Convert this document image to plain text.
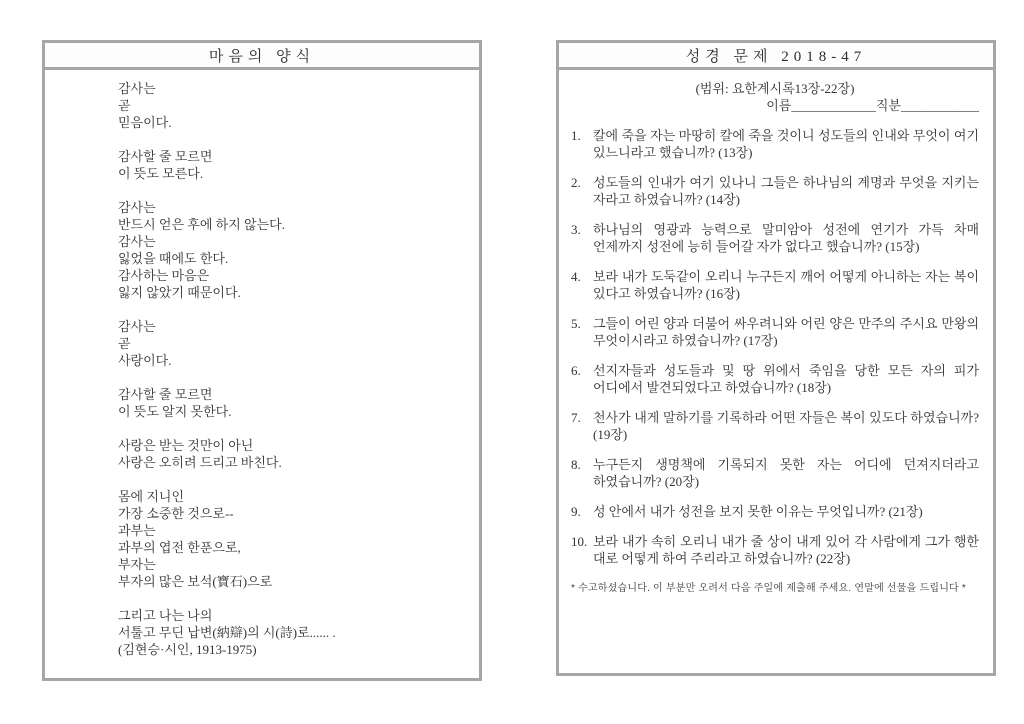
마음의 양식
감사는
곧
믿음이다.
감사할 줄 모르면
이 뜻도 모른다.
감사는
반드시 얻은 후에 하지 않는다.
감사는
잃었을 때에도 한다.
감사하는 마음은
잃지 않았기 때문이다.
감사는
곧
사랑이다.
감사할 줄 모르면
이 뜻도 알지 못한다.
사랑은 받는 것만이 아닌
사랑은 오히려 드리고 바친다.
몸에 지니인
가장 소중한 것으로--
과부는
과부의 엽전 한푼으로,
부자는
부자의 많은 보석(寶石)으로
그리고 나는 나의
서툴고 무딘 납변(納辯)의 시(詩)로...... .
(김현승·시인, 1913-1975)
성경 문제 2018-47
(범위: 요한계시록13장-22장)
이름_____________직분____________
1. 칼에 죽을 자는 마땅히 칼에 죽을 것이니 성도들의 인내와 무엇이 여기 있느니라고 했습니까? (13장)
2. 성도들의 인내가 여기 있나니 그들은 하나님의 계명과 무엇을 지키는 자라고 하였습니까? (14장)
3. 하나님의 영광과 능력으로 말미암아 성전에 연기가 가득 차매 언제까지 성전에 능히 들어갈 자가 없다고 했습니까? (15장)
4. 보라 내가 도둑같이 오리니 누구든지 깨어 어떻게 아니하는 자는 복이 있다고 하였습니까? (16장)
5. 그들이 어린 양과 더불어 싸우려니와 어린 양은 만주의 주시요 만왕의 무엇이시라고 하였습니까? (17장)
6. 선지자들과 성도들과 및 땅 위에서 죽임을 당한 모든 자의 피가 어디에서 발견되었다고 하였습니까? (18장)
7. 천사가 내게 말하기를 기록하라 어떤 자들은 복이 있도다 하였습니까? (19장)
8. 누구든지 생명책에 기록되지 못한 자는 어디에 던져지더라고 하였습니까? (20장)
9. 성 안에서 내가 성전을 보지 못한 이유는 무엇입니까? (21장)
10. 보라 내가 속히 오리니 내가 줄 상이 내게 있어 각 사람에게 그가 행한 대로 어떻게 하여 주리라고 하였습니까? (22장)
* 수고하셨습니다. 이 부분만 오려서 다음 주일에 제출해 주세요. 연말에 선물을 드립니다 *
